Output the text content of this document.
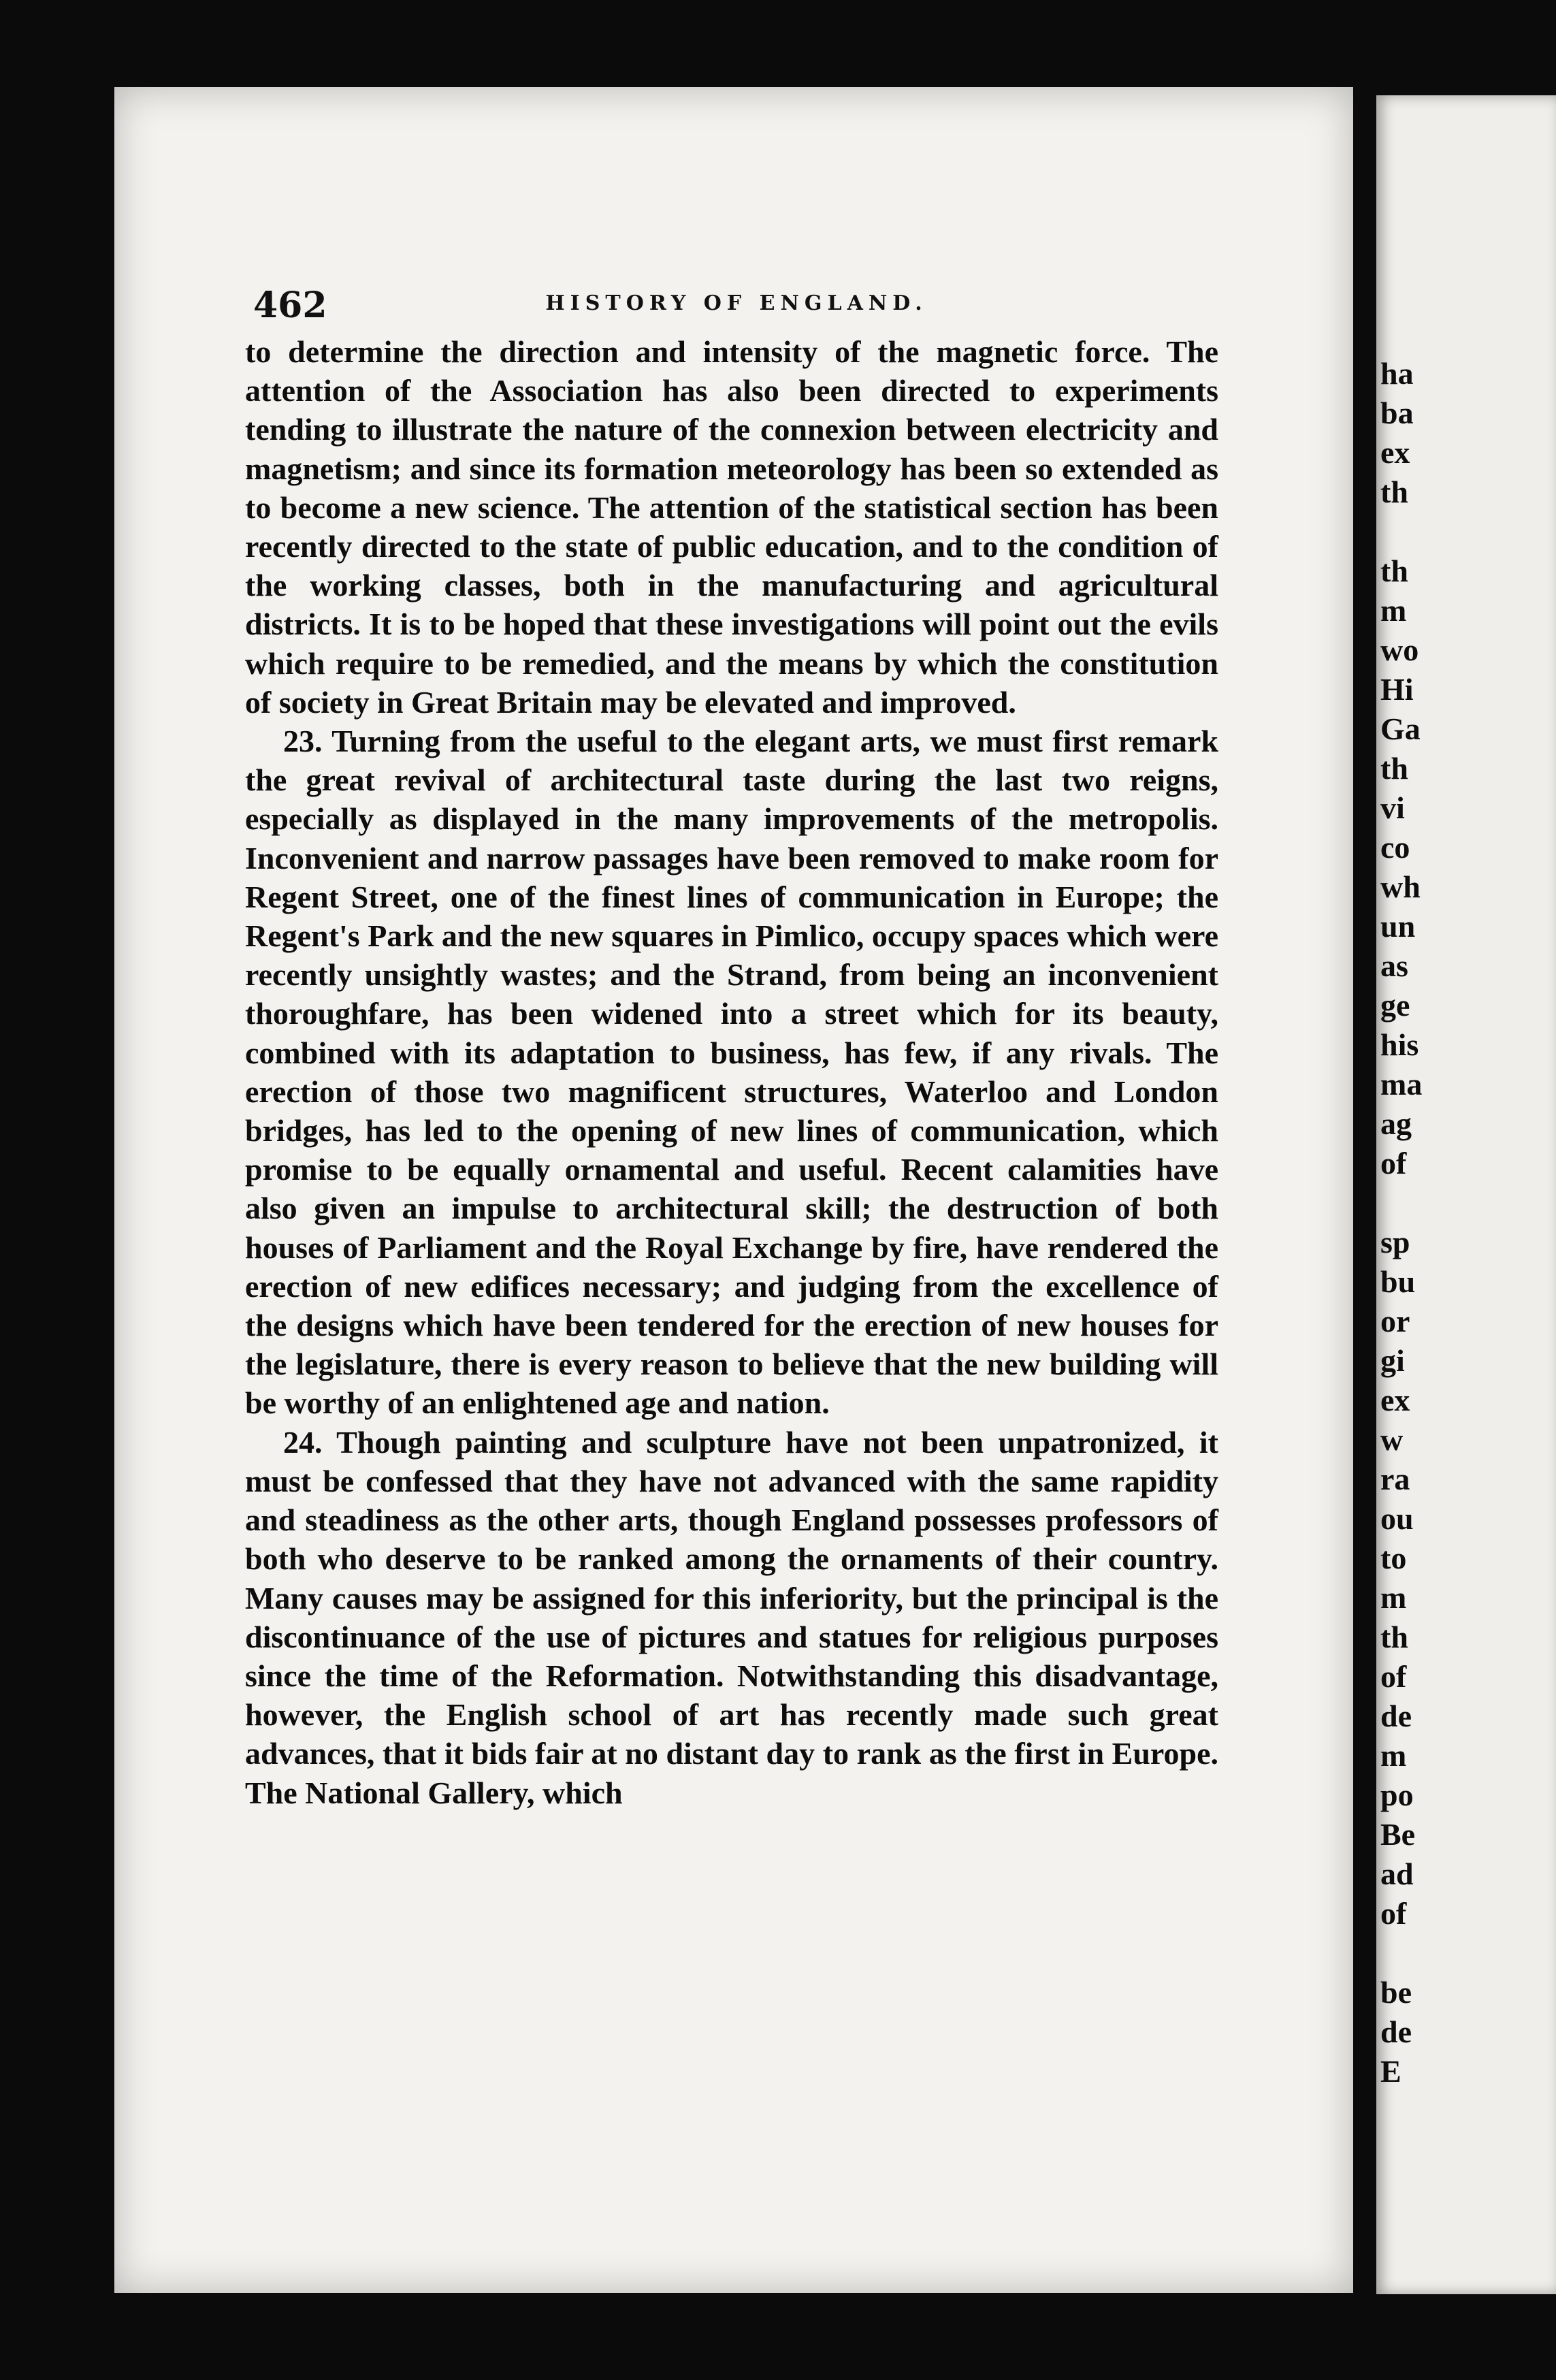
ha
ba
ex
th
th
m
wo
Hi
Ga
th
vi
co
wh
un
as
ge
his
ma
ag
of
sp
bu
or
gi
ex
w
ra
ou
to
m
th
of
de
m
po
Be
ad
of
be
de
E
462	HISTORY OF ENGLAND.

to determine the direction and intensity of the magnetic force. The attention of the Association has also been directed to experiments tending to illustrate the nature of the connexion between electricity and magnetism; and since its formation meteorology has been so extended as to become a new science. The attention of the statistical section has been recently directed to the state of public education, and to the condition of the working classes, both in the manufacturing and agricultural districts. It is to be hoped that these investigations will point out the evils which require to be remedied, and the means by which the constitution of society in Great Britain may be elevated and improved.

23. Turning from the useful to the elegant arts, we must first remark the great revival of architectural taste during the last two reigns, especially as displayed in the many improvements of the metropolis. Inconvenient and narrow passages have been removed to make room for Regent Street, one of the finest lines of communication in Europe; the Regent's Park and the new squares in Pimlico, occupy spaces which were recently unsightly wastes; and the Strand, from being an inconvenient thoroughfare, has been widened into a street which for its beauty, combined with its adaptation to business, has few, if any rivals. The erection of those two magnificent structures, Waterloo and London bridges, has led to the opening of new lines of communication, which promise to be equally ornamental and useful. Recent calamities have also given an impulse to architectural skill; the destruction of both houses of Parliament and the Royal Exchange by fire, have rendered the erection of new edifices necessary; and judging from the excellence of the designs which have been tendered for the erection of new houses for the legislature, there is every reason to believe that the new building will be worthy of an enlightened age and nation.

24. Though painting and sculpture have not been unpatronized, it must be confessed that they have not advanced with the same rapidity and steadiness as the other arts, though England possesses professors of both who deserve to be ranked among the ornaments of their country. Many causes may be assigned for this inferiority, but the principal is the discontinuance of the use of pictures and statues for religious purposes since the time of the Reformation. Notwithstanding this disadvantage, however, the English school of art has recently made such great advances, that it bids fair at no distant day to rank as the first in Europe. The National Gallery, which
